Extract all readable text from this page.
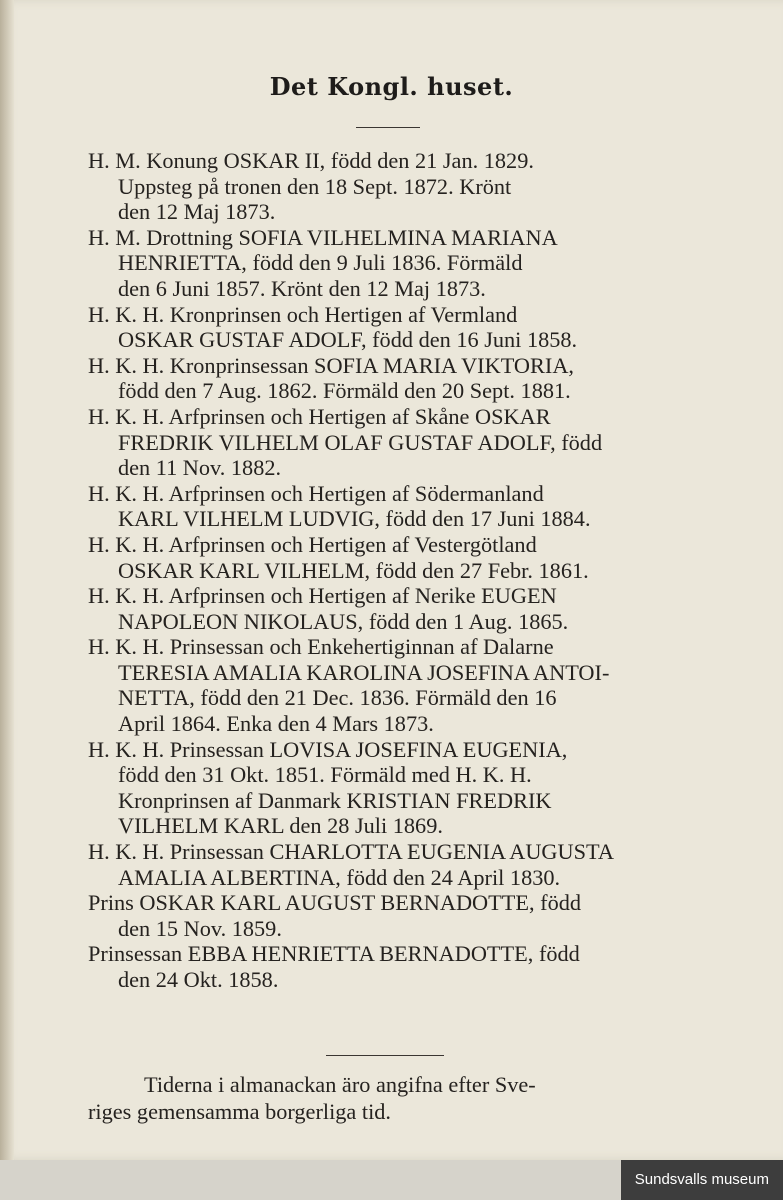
Det Kongl. huset.
H. M. Konung OSKAR II, född den 21 Jan. 1829.
Uppsteg på tronen den 18 Sept. 1872. Krönt
den 12 Maj 1873.
H. M. Drottning SOFIA VILHELMINA MARIANA
HENRIETTA, född den 9 Juli 1836. Förmäld
den 6 Juni 1857. Krönt den 12 Maj 1873.
H. K. H. Kronprinsen och Hertigen af Vermland
OSKAR GUSTAF ADOLF, född den 16 Juni 1858.
H. K. H. Kronprinsessan SOFIA MARIA VIKTORIA,
född den 7 Aug. 1862. Förmäld den 20 Sept. 1881.
H. K. H. Arfprinsen och Hertigen af Skåne OSKAR
FREDRIK VILHELM OLAF GUSTAF ADOLF, född
den 11 Nov. 1882.
H. K. H. Arfprinsen och Hertigen af Södermanland
KARL VILHELM LUDVIG, född den 17 Juni 1884.
H. K. H. Arfprinsen och Hertigen af Vestergötland
OSKAR KARL VILHELM, född den 27 Febr. 1861.
H. K. H. Arfprinsen och Hertigen af Nerike EUGEN
NAPOLEON NIKOLAUS, född den 1 Aug. 1865.
H. K. H. Prinsessan och Enkehertiginnan af Dalarne
TERESIA AMALIA KAROLINA JOSEFINA ANTOI-
NETTA, född den 21 Dec. 1836. Förmäld den 16
April 1864. Enka den 4 Mars 1873.
H. K. H. Prinsessan LOVISA JOSEFINA EUGENIA,
född den 31 Okt. 1851. Förmäld med H. K. H.
Kronprinsen af Danmark KRISTIAN FREDRIK
VILHELM KARL den 28 Juli 1869.
H. K. H. Prinsessan CHARLOTTA EUGENIA AUGUSTA
AMALIA ALBERTINA, född den 24 April 1830.
Prins OSKAR KARL AUGUST BERNADOTTE, född
den 15 Nov. 1859.
Prinsessan EBBA HENRIETTA BERNADOTTE, född
den 24 Okt. 1858.
Tiderna i almanackan äro angifna efter Sve-
riges gemensamma borgerliga tid.
Sundsvalls museum
